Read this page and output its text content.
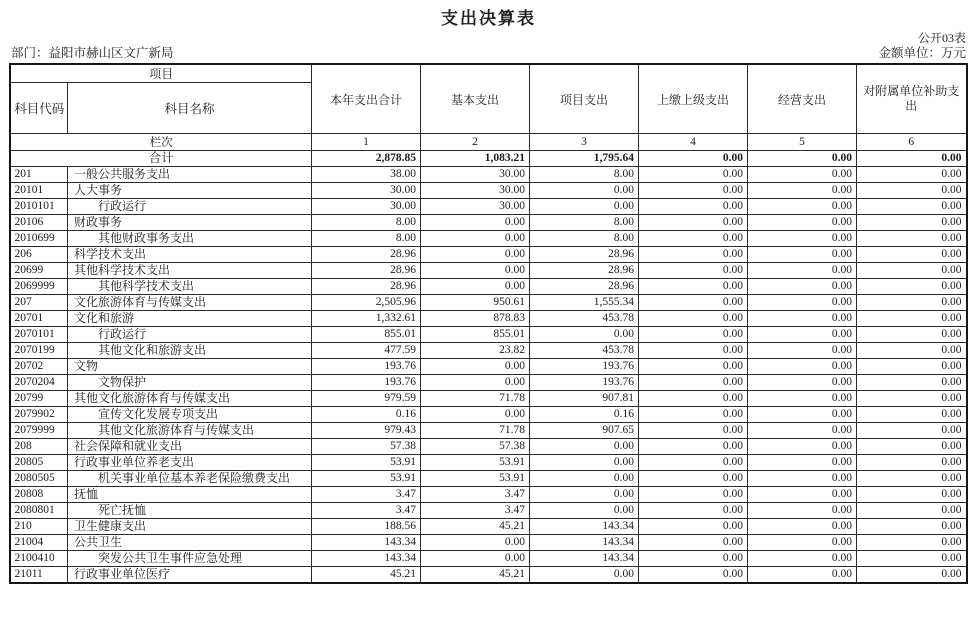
支出决算表
公开03表
部门：益阳市赫山区文广新局	金额单位：万元
项目		本年支出合计	基本支出	项目支出	上缴上级支出	经营支出	对附属单位补助支出
科目代码	科目名称						
栏次		1	2	3	4	5	6
合计		2,878.85	1,083.21	1,795.64	0.00	0.00	0.00
201	一般公共服务支出	38.00	30.00	8.00	0.00	0.00	0.00
20101	人大事务	30.00	30.00	0.00	0.00	0.00	0.00
2010101	行政运行	30.00	30.00	0.00	0.00	0.00	0.00
20106	财政事务	8.00	0.00	8.00	0.00	0.00	0.00
2010699	其他财政事务支出	8.00	0.00	8.00	0.00	0.00	0.00
206	科学技术支出	28.96	0.00	28.96	0.00	0.00	0.00
20699	其他科学技术支出	28.96	0.00	28.96	0.00	0.00	0.00
2069999	其他科学技术支出	28.96	0.00	28.96	0.00	0.00	0.00
207	文化旅游体育与传媒支出	2,505.96	950.61	1,555.34	0.00	0.00	0.00
20701	文化和旅游	1,332.61	878.83	453.78	0.00	0.00	0.00
2070101	行政运行	855.01	855.01	0.00	0.00	0.00	0.00
2070199	其他文化和旅游支出	477.59	23.82	453.78	0.00	0.00	0.00
20702	文物	193.76	0.00	193.76	0.00	0.00	0.00
2070204	文物保护	193.76	0.00	193.76	0.00	0.00	0.00
20799	其他文化旅游体育与传媒支出	979.59	71.78	907.81	0.00	0.00	0.00
2079902	宣传文化发展专项支出	0.16	0.00	0.16	0.00	0.00	0.00
2079999	其他文化旅游体育与传媒支出	979.43	71.78	907.65	0.00	0.00	0.00
208	社会保障和就业支出	57.38	57.38	0.00	0.00	0.00	0.00
20805	行政事业单位养老支出	53.91	53.91	0.00	0.00	0.00	0.00
2080505	机关事业单位基本养老保险缴费支出	53.91	53.91	0.00	0.00	0.00	0.00
20808	抚恤	3.47	3.47	0.00	0.00	0.00	0.00
2080801	死亡抚恤	3.47	3.47	0.00	0.00	0.00	0.00
210	卫生健康支出	188.56	45.21	143.34	0.00	0.00	0.00
21004	公共卫生	143.34	0.00	143.34	0.00	0.00	0.00
2100410	突发公共卫生事件应急处理	143.34	0.00	143.34	0.00	0.00	0.00
21011	行政事业单位医疗	45.21	45.21	0.00	0.00	0.00	0.00
